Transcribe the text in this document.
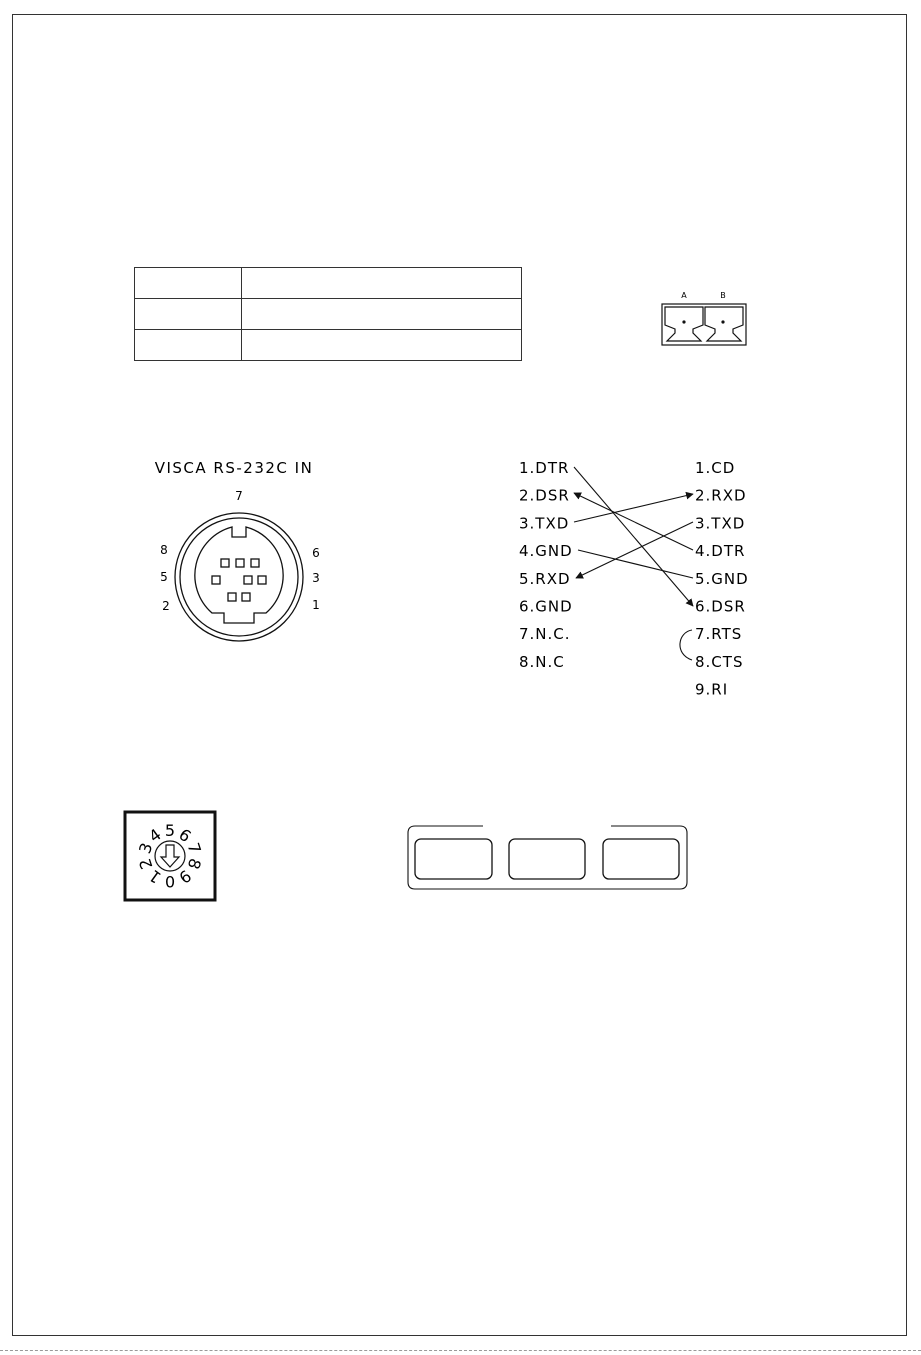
A	B
VISCA RS-232C IN
7
8	6
5	3
2	1
1.DTR
2.DSR
3.TXD
4.GND
5.RXD
6.GND
7.N.C.
8.N.C
1.CD
2.RXD
3.TXD
4.DTR
5.GND
6.DSR
7.RTS
8.CTS
9.RI
5 6
7
8
9
0
1
2
3
4
